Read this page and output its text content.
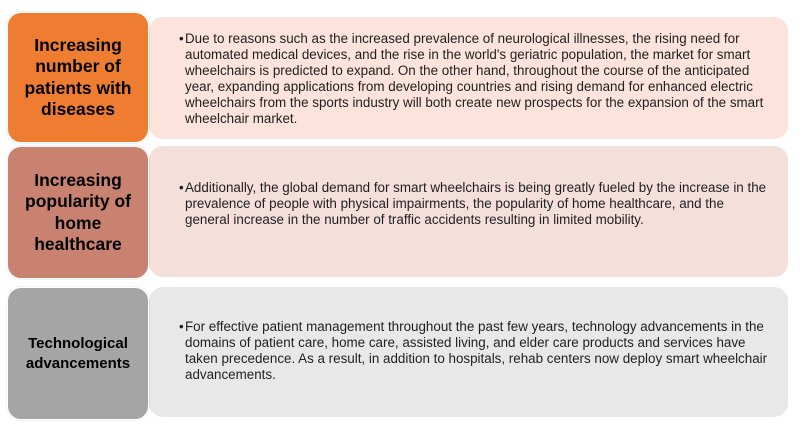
Increasing number of patients with diseases
• Due to reasons such as the increased prevalence of neurological illnesses, the rising need for automated medical devices, and the rise in the world's geriatric population, the market for smart wheelchairs is predicted to expand. On the other hand, throughout the course of the anticipated year, expanding applications from developing countries and rising demand for enhanced electric wheelchairs from the sports industry will both create new prospects for the expansion of the smart wheelchair market.
Increasing popularity of home healthcare
• Additionally, the global demand for smart wheelchairs is being greatly fueled by the increase in the prevalence of people with physical impairments, the popularity of home healthcare, and the general increase in the number of traffic accidents resulting in limited mobility.
Technological advancements
• For effective patient management throughout the past few years, technology advancements in the domains of patient care, home care, assisted living, and elder care products and services have taken precedence. As a result, in addition to hospitals, rehab centers now deploy smart wheelchair advancements.
